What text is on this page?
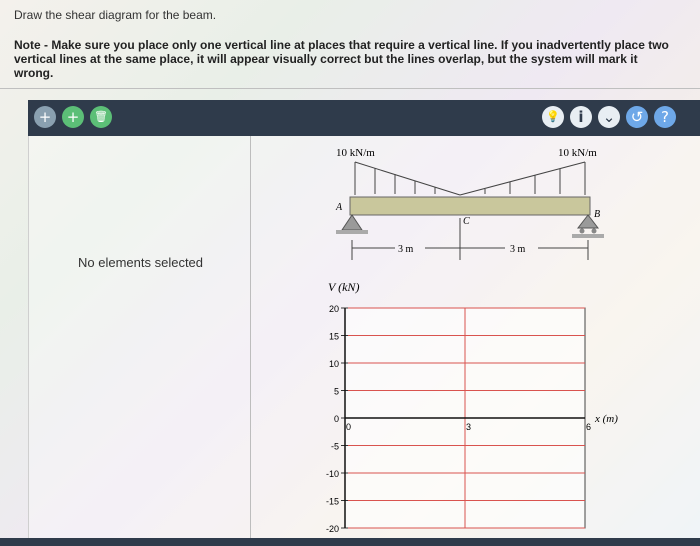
Draw the shear diagram for the beam.
Note - Make sure you place only one vertical line at places that require a vertical line. If you inadvertently place two vertical lines at the same place, it will appear visually correct but the lines overlap, but the system will mark it wrong.
+	+	🗑	💡	i	⌄	↺	?
No elements selected
10 kN/m	10 kN/m
A
B
C
3 m	3 m
V (kN)
20
15
10
5
0
-5
-10
-15
-20
0	3	6
x (m)
